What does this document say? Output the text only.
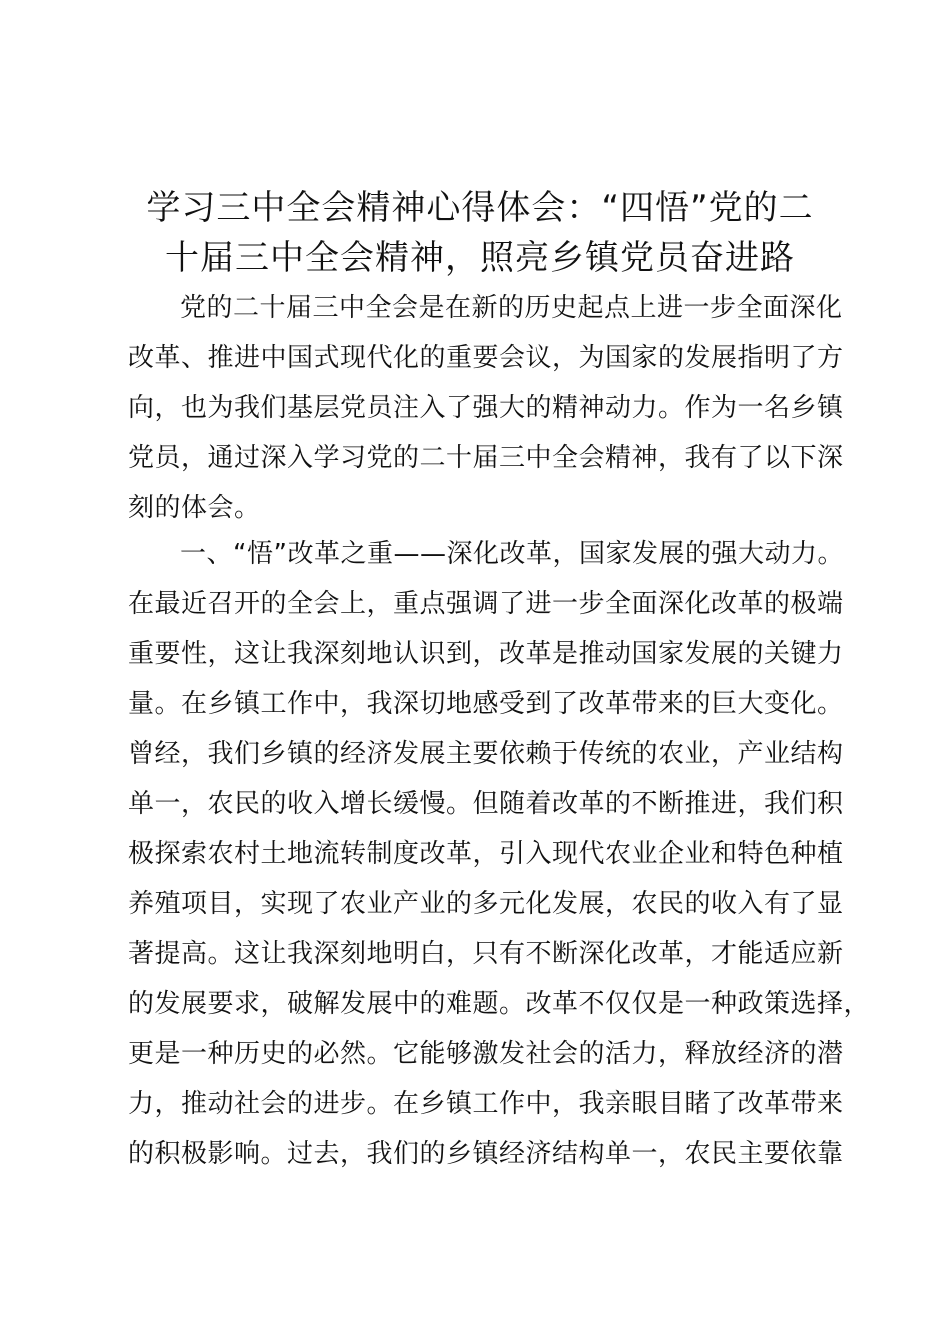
学习三中全会精神心得体会：“四悟”党的二
十届三中全会精神，照亮乡镇党员奋进路
党的二十届三中全会是在新的历史起点上进一步全面深化
改革、推进中国式现代化的重要会议，为国家的发展指明了方
向，也为我们基层党员注入了强大的精神动力。作为一名乡镇
党员，通过深入学习党的二十届三中全会精神，我有了以下深
刻的体会。
一、“悟”改革之重——深化改革，国家发展的强大动力。
在最近召开的全会上，重点强调了进一步全面深化改革的极端
重要性，这让我深刻地认识到，改革是推动国家发展的关键力
量。在乡镇工作中，我深切地感受到了改革带来的巨大变化。
曾经，我们乡镇的经济发展主要依赖于传统的农业，产业结构
单一，农民的收入增长缓慢。但随着改革的不断推进，我们积
极探索农村土地流转制度改革，引入现代农业企业和特色种植
养殖项目，实现了农业产业的多元化发展，农民的收入有了显
著提高。这让我深刻地明白，只有不断深化改革，才能适应新
的发展要求，破解发展中的难题。改革不仅仅是一种政策选择，
更是一种历史的必然。它能够激发社会的活力，释放经济的潜
力，推动社会的进步。在乡镇工作中，我亲眼目睹了改革带来
的积极影响。过去，我们的乡镇经济结构单一，农民主要依靠
